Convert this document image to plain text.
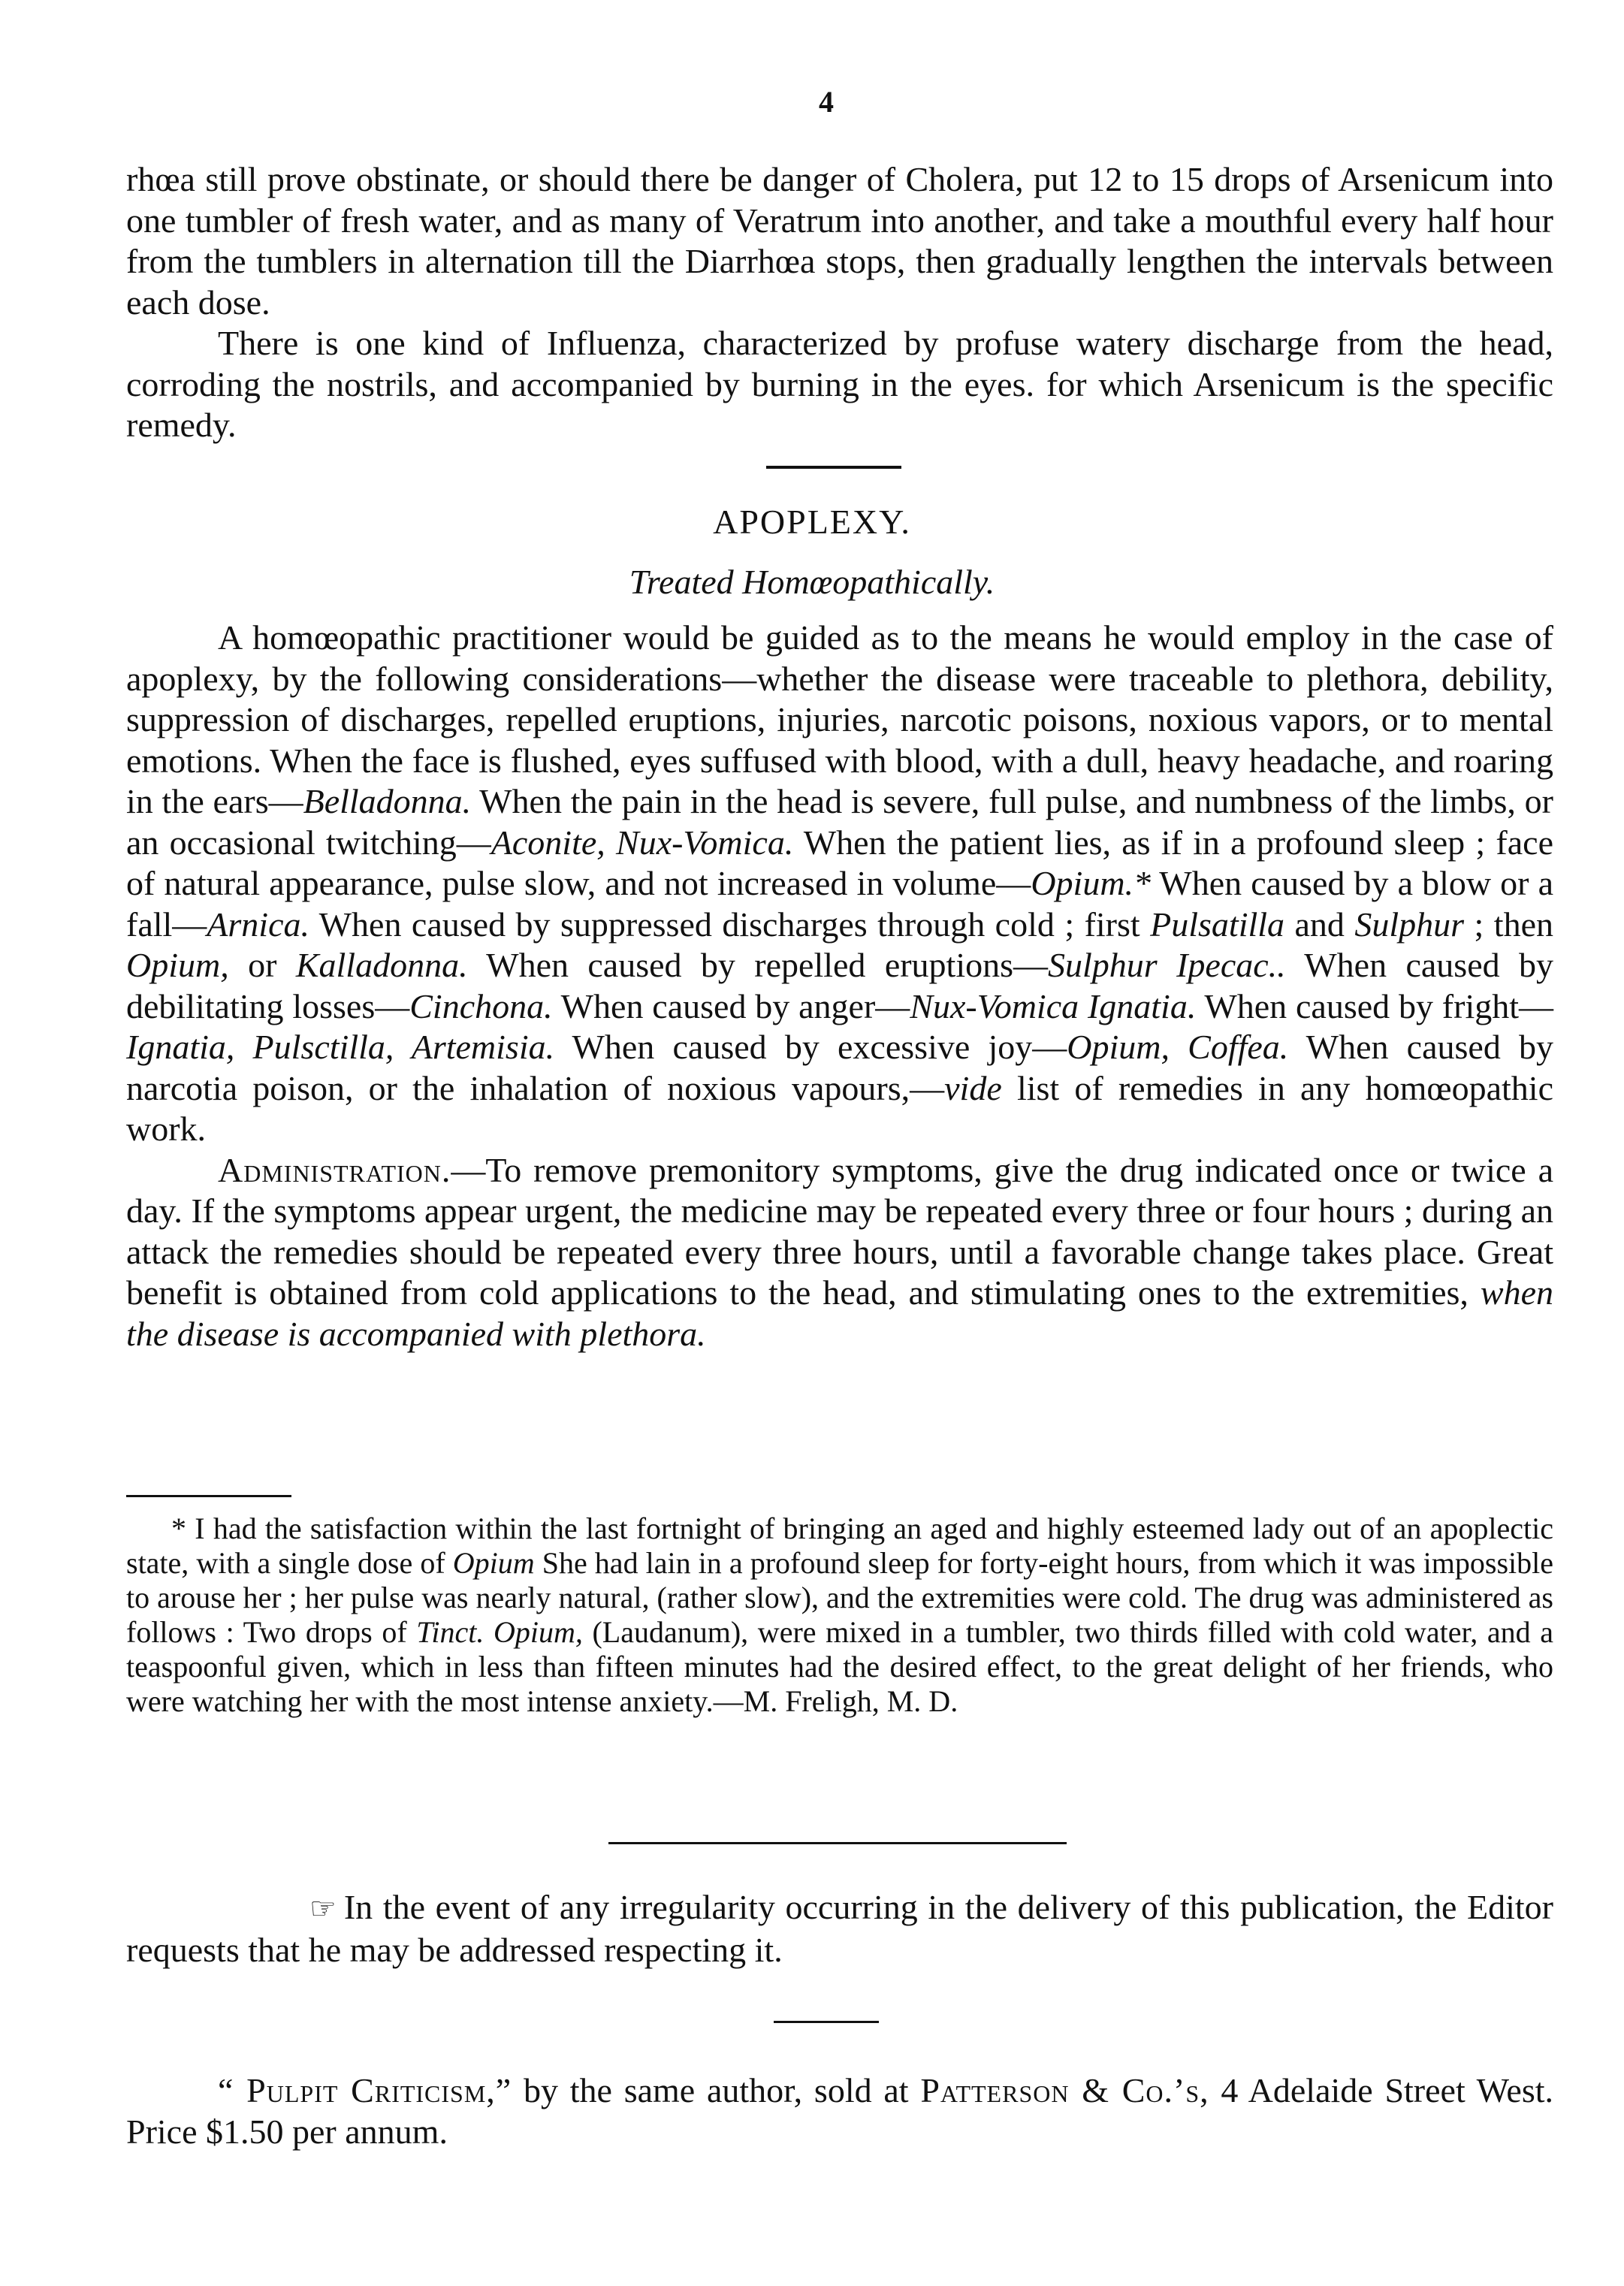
4

rhœa still prove obstinate, or should there be danger of Cholera, put 12 to 15 drops of Arsenicum into one tumbler of fresh water, and as many of Veratrum into another, and take a mouthful every half hour from the tumblers in alternation till the Diarrhœa stops, then gradually lengthen the intervals between each dose.

There is one kind of Influenza, characterized by profuse watery discharge from the head, corroding the nostrils, and accompanied by burning in the eyes. for which Arsenicum is the specific remedy.

APOPLEXY.
Treated Homœopathically.

A homœopathic practitioner would be guided as to the means he would employ in the case of apoplexy, by the following considerations—whether the disease were traceable to plethora, debility, suppression of discharges, repelled eruptions, injuries, narcotic poisons, noxious vapors, or to mental emotions. When the face is flushed, eyes suffused with blood, with a dull, heavy headache, and roaring in the ears—Belladonna. When the pain in the head is severe, full pulse, and numbness of the limbs, or an occasional twitching—Aconite, Nux-Vomica. When the patient lies, as if in a profound sleep ; face of natural appearance, pulse slow, and not increased in volume—Opium.* When caused by a blow or a fall—Arnica. When caused by suppressed discharges through cold ; first Pulsatilla and Sulphur ; then Opium, or Kalladonna. When caused by repelled eruptions—Sulphur Ipecac.. When caused by debilitating losses—Cinchona. When caused by anger—Nux-Vomica Ignatia. When caused by fright—Ignatia, Pulsctilla, Artemisia. When caused by excessive joy—Opium, Coffea. When caused by narcotia poison, or the inhalation of noxious vapours,—vide list of remedies in any homœopathic work.

Administration.—To remove premonitory symptoms, give the drug indicated once or twice a day. If the symptoms appear urgent, the medicine may be repeated every three or four hours ; during an attack the remedies should be repeated every three hours, until a favorable change takes place. Great benefit is obtained from cold applications to the head, and stimulating ones to the extremities, when the disease is accompanied with plethora.

* I had the satisfaction within the last fortnight of bringing an aged and highly esteemed lady out of an apoplectic state, with a single dose of Opium She had lain in a profound sleep for forty-eight hours, from which it was impossible to arouse her ; her pulse was nearly natural, (rather slow), and the extremities were cold. The drug was administered as follows : Two drops of Tinct. Opium, (Laudanum), were mixed in a tumbler, two thirds filled with cold water, and a teaspoonful given, which in less than fifteen minutes had the desired effect, to the great delight of her friends, who were watching her with the most intense anxiety.—M. Freligh, M. D.

☞ In the event of any irregularity occurring in the delivery of this publication, the Editor requests that he may be addressed respecting it.

“ Pulpit Criticism,” by the same author, sold at Patterson & Co.’s, 4 Adelaide Street West. Price $1.50 per annum.
